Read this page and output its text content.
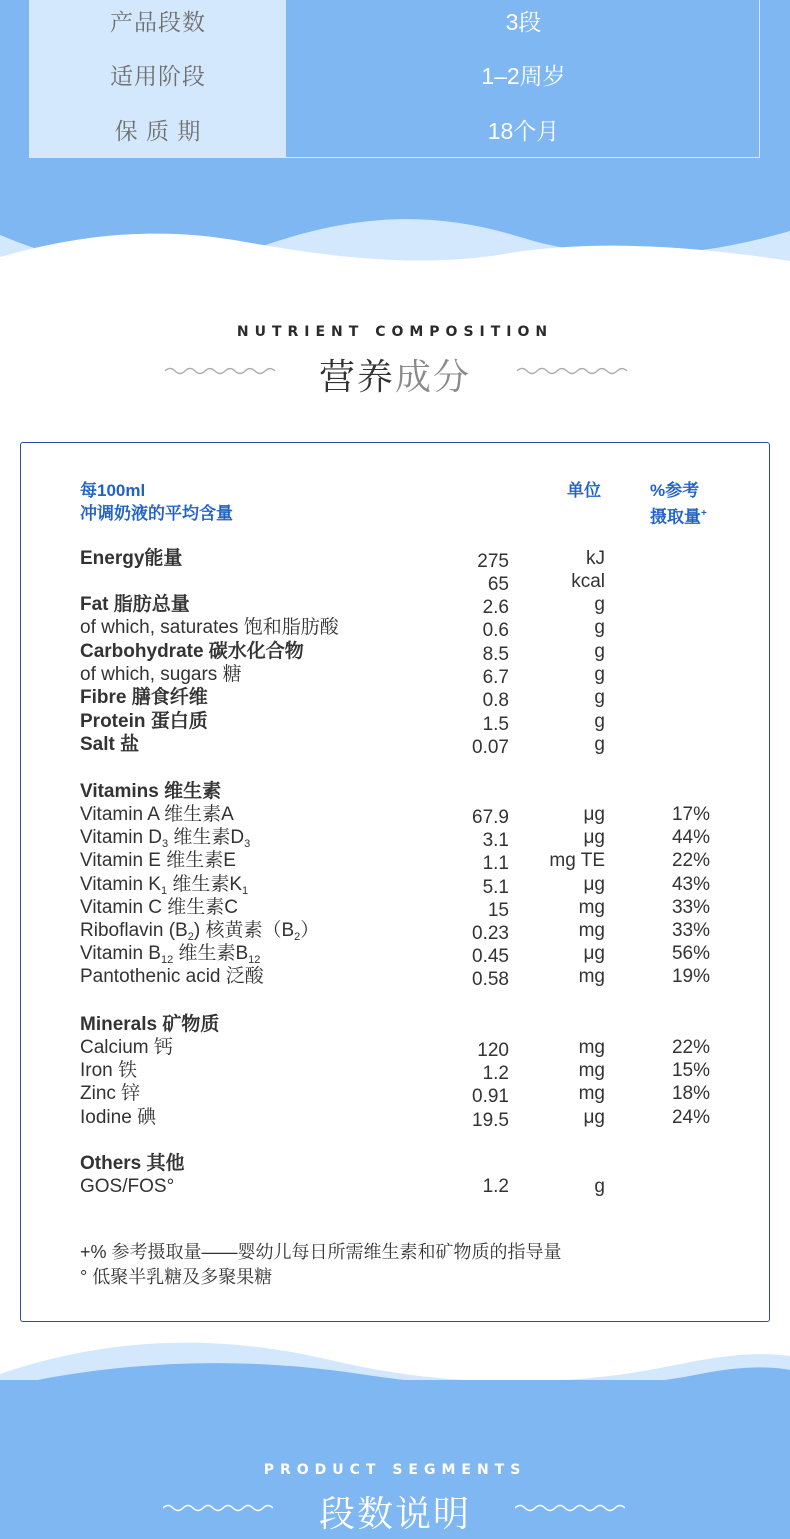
产品段数	3段
适用阶段	1–2周岁
保 质 期	18个月
NUTRIENT COMPOSITION
营养成分
每100ml
冲调奶液的平均含量
单位	%参考
摄取量+
Energy能量	275	kJ
65	kcal
Fat 脂肪总量	2.6	g
of which, saturates 饱和脂肪酸	0.6	g
Carbohydrate 碳水化合物	8.5	g
of which, sugars 糖	6.7	g
Fibre 膳食纤维	0.8	g
Protein 蛋白质	1.5	g
Salt 盐	0.07	g
Vitamins 维生素
Vitamin A 维生素A	67.9	μg	17%
Vitamin $D_3$ 维生素$D_3$	3.1	μg	44%
Vitamin E 维生素E	1.1	mg TE	22%
Vitamin $K_1$ 维生素$K_1$	5.1	μg	43%
Vitamin C 维生素C	15	mg	33%
Riboflavin $(B_2)$ 核黄素$(B_2)$	0.23	mg	33%
Vitamin $B_{12}$ 维生素$B_{12}$	0.45	μg	56%
Pantothenic acid 泛酸	0.58	mg	19%
Minerals 矿物质
Calcium 钙	120	mg	22%
Iron 铁	1.2	mg	15%
Zinc 锌	0.91	mg	18%
Iodine 碘	19.5	μg	24%
Others 其他
GOS/FOS°	1.2	g
+% 参考摄取量——婴幼儿每日所需维生素和矿物质的指导量
° 低聚半乳糖及多聚果糖
PRODUCT SEGMENTS
段数说明
